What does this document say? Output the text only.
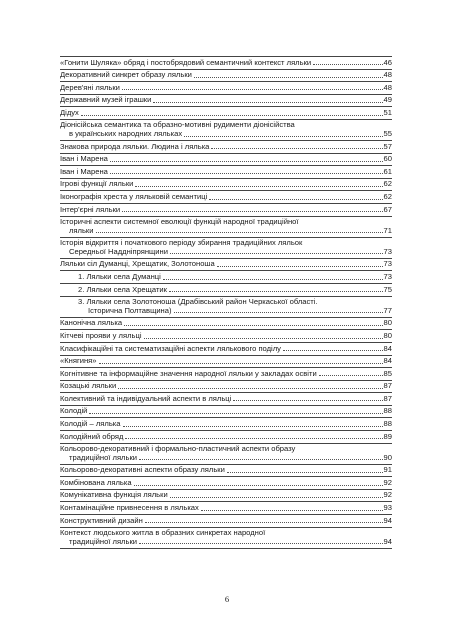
«Гонити Шуляка» обряд і постобрядовий семантичний контекст ляльки	46
Декоративний синкрет образу ляльки	48
Дерев'яні ляльки	48
Державний музей іграшки	49
Дідух	51
Діонісійська семантика та образно-мотивні рудименти діонісійства
в українських народних ляльках	55
Знакова природа ляльки. Людина і лялька	57
Іван і Марена	60
Іван і Марена	61
Ігрові функції ляльки	62
Іконографія хреста у ляльковій семантиці	62
Інтер'єрні ляльки	67
Історичні аспекти системної еволюції функцій народної традиційної
ляльки	71
Історія відкриття і початкового періоду збирання традиційних ляльок
Середньої Наддніпрянщини	73
Ляльки сіл Думанці, Хрещатик, Золотоноша	73
1. Ляльки села Думанці	73
2. Ляльки села Хрещатик	75
3. Ляльки села Золотоноша (Драбівський район Черкаської області.
Історична Полтавщина)	77
Канонічна лялька	80
Кітчеві прояви у ляльці	80
Класифікаційні та систематизаційні аспекти лялькового поділу	84
«Княгиня»	84
Когнітивне та інформаційне значення народної ляльки у закладах освіти	85
Козацькі ляльки	87
Колективний та індивідуальний аспекти в ляльці	87
Колодій	88
Колодій – лялька	88
Колодійний обряд	89
Кольорово-декоративний і формально-пластичний аспекти образу
традиційної ляльки	90
Кольорово-декоративні аспекти образу ляльки	91
Комбінована лялька	92
Комунікативна функція ляльки	92
Контамінаційне привнесення в ляльках	93
Конструктивний дизайн	94
Контекст людського житла в образних синкретах народної
традиційної ляльки	94
6
